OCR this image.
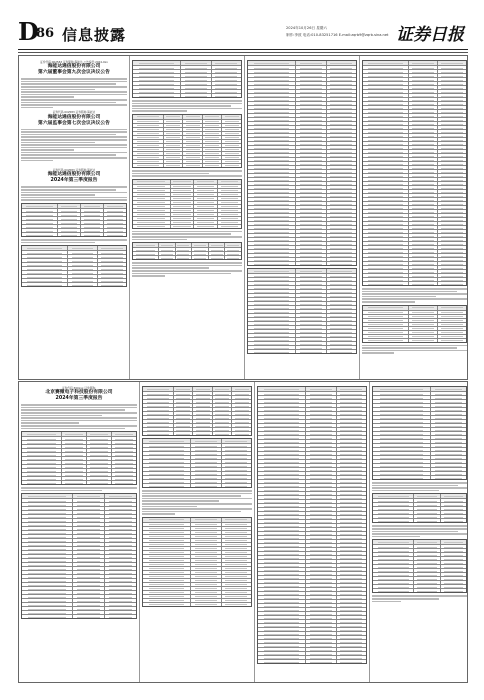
D
86 信息披露	2024年10月26日 星期六
制作:李波 电话:010-83251716 E-mail:zqrb9@zqrb.sina.net 证券日报
证券代码:002583 证券简称:海能达 公告编号:2024-0xx
海能达通信股份有限公司
第六届董事会第九次会议决议公告
证券代码:002583 证券简称:海能达
海能达通信股份有限公司
第六届监事会第七次会议决议公告
证券代码:002583 证券简称:海能达
海能达通信股份有限公司
2024年第三季度报告
证券代码:300xxx 证券简称:
北京赛微电子科技股份有限公司
2024年第三季度报告
